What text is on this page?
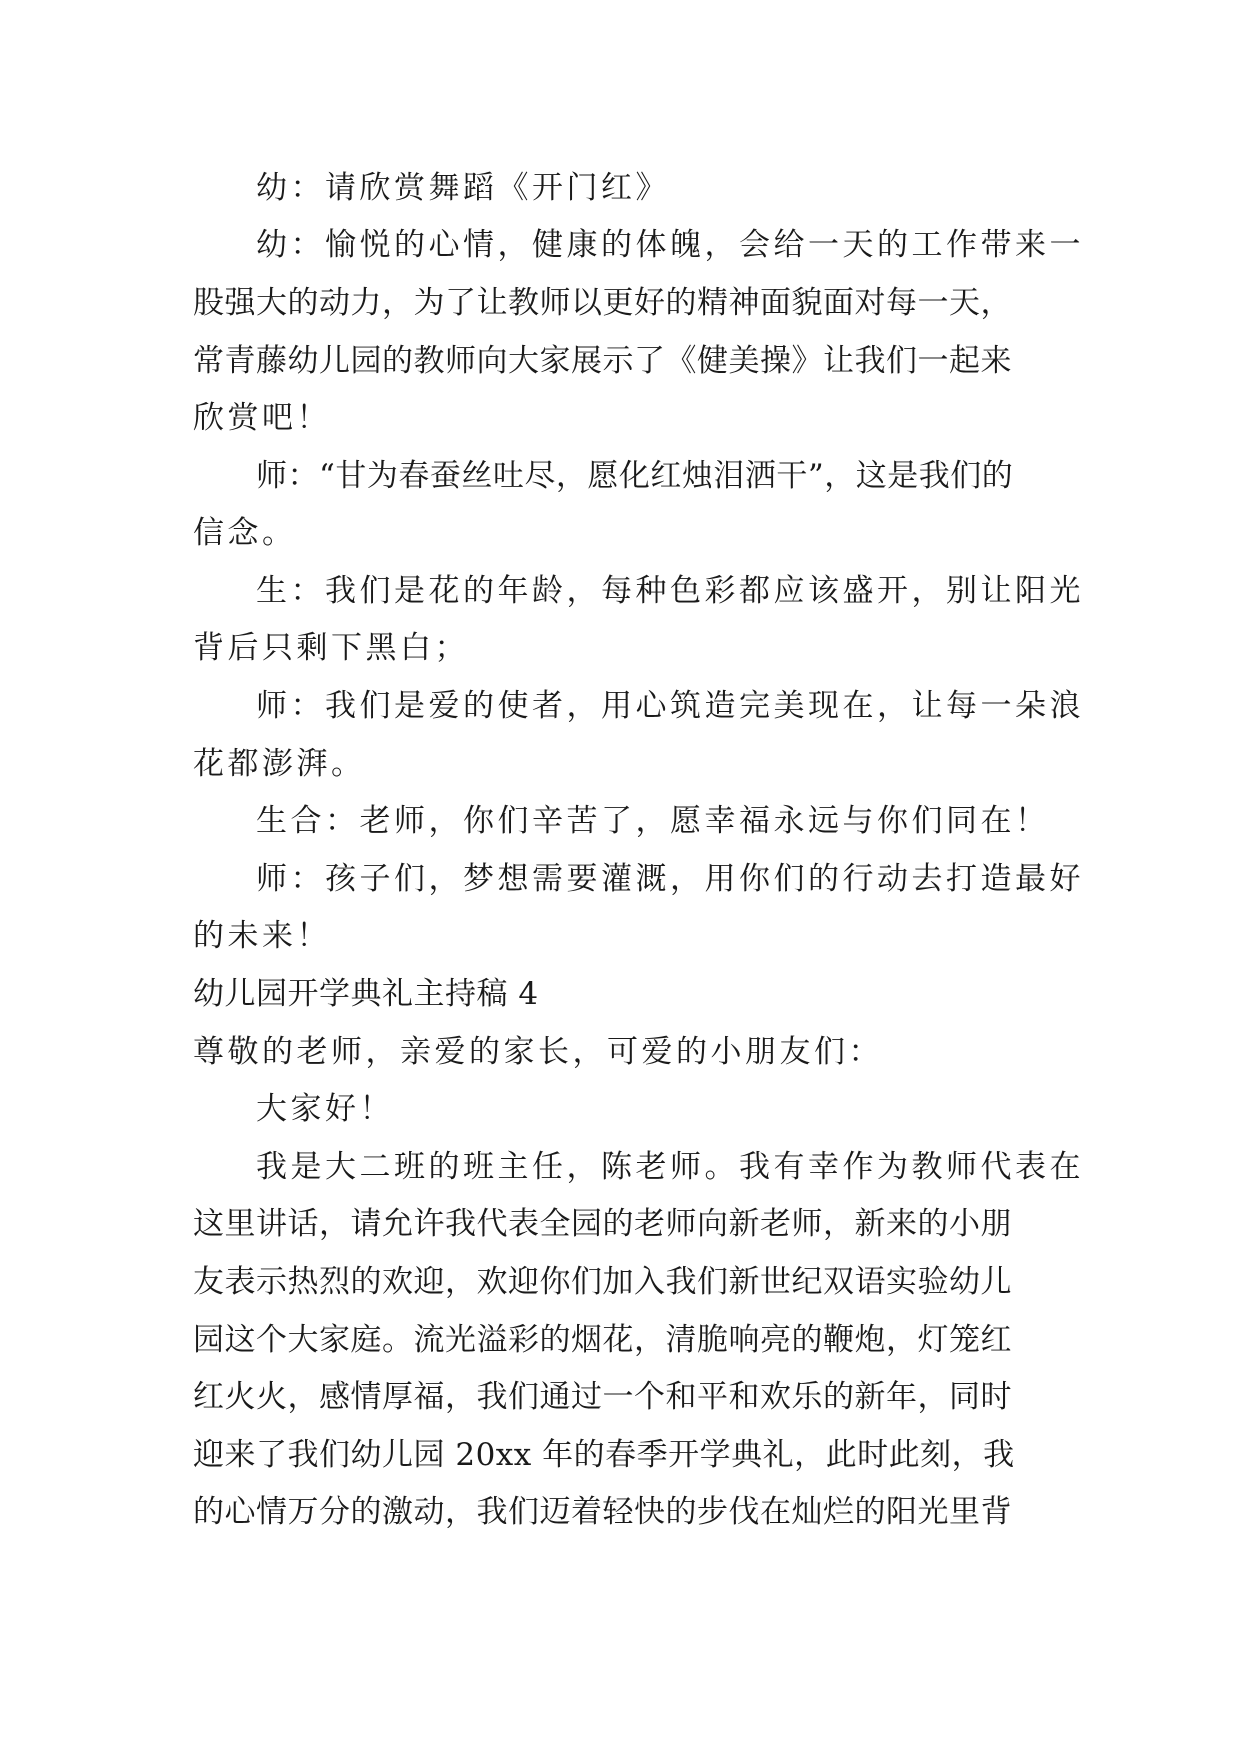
幼：请欣赏舞蹈《开门红》
幼：愉悦的心情，健康的体魄，会给一天的工作带来一
股强大的动力，为了让教师以更好的精神面貌面对每一天，
常青藤幼儿园的教师向大家展示了《健美操》让我们一起来
欣赏吧！
师：“甘为春蚕丝吐尽，愿化红烛泪洒干”，这是我们的
信念。
生：我们是花的年龄，每种色彩都应该盛开，别让阳光
背后只剩下黑白；
师：我们是爱的使者，用心筑造完美现在，让每一朵浪
花都澎湃。
生合：老师，你们辛苦了，愿幸福永远与你们同在！
师：孩子们，梦想需要灌溉，用你们的行动去打造最好
的未来！
幼儿园开学典礼主持稿 4
尊敬的老师，亲爱的家长，可爱的小朋友们：
大家好！
我是大二班的班主任，陈老师。我有幸作为教师代表在
这里讲话，请允许我代表全园的老师向新老师，新来的小朋
友表示热烈的欢迎，欢迎你们加入我们新世纪双语实验幼儿
园这个大家庭。流光溢彩的烟花，清脆响亮的鞭炮，灯笼红
红火火，感情厚福，我们通过一个和平和欢乐的新年，同时
迎来了我们幼儿园 20xx 年的春季开学典礼，此时此刻，我
的心情万分的激动，我们迈着轻快的步伐在灿烂的阳光里背
